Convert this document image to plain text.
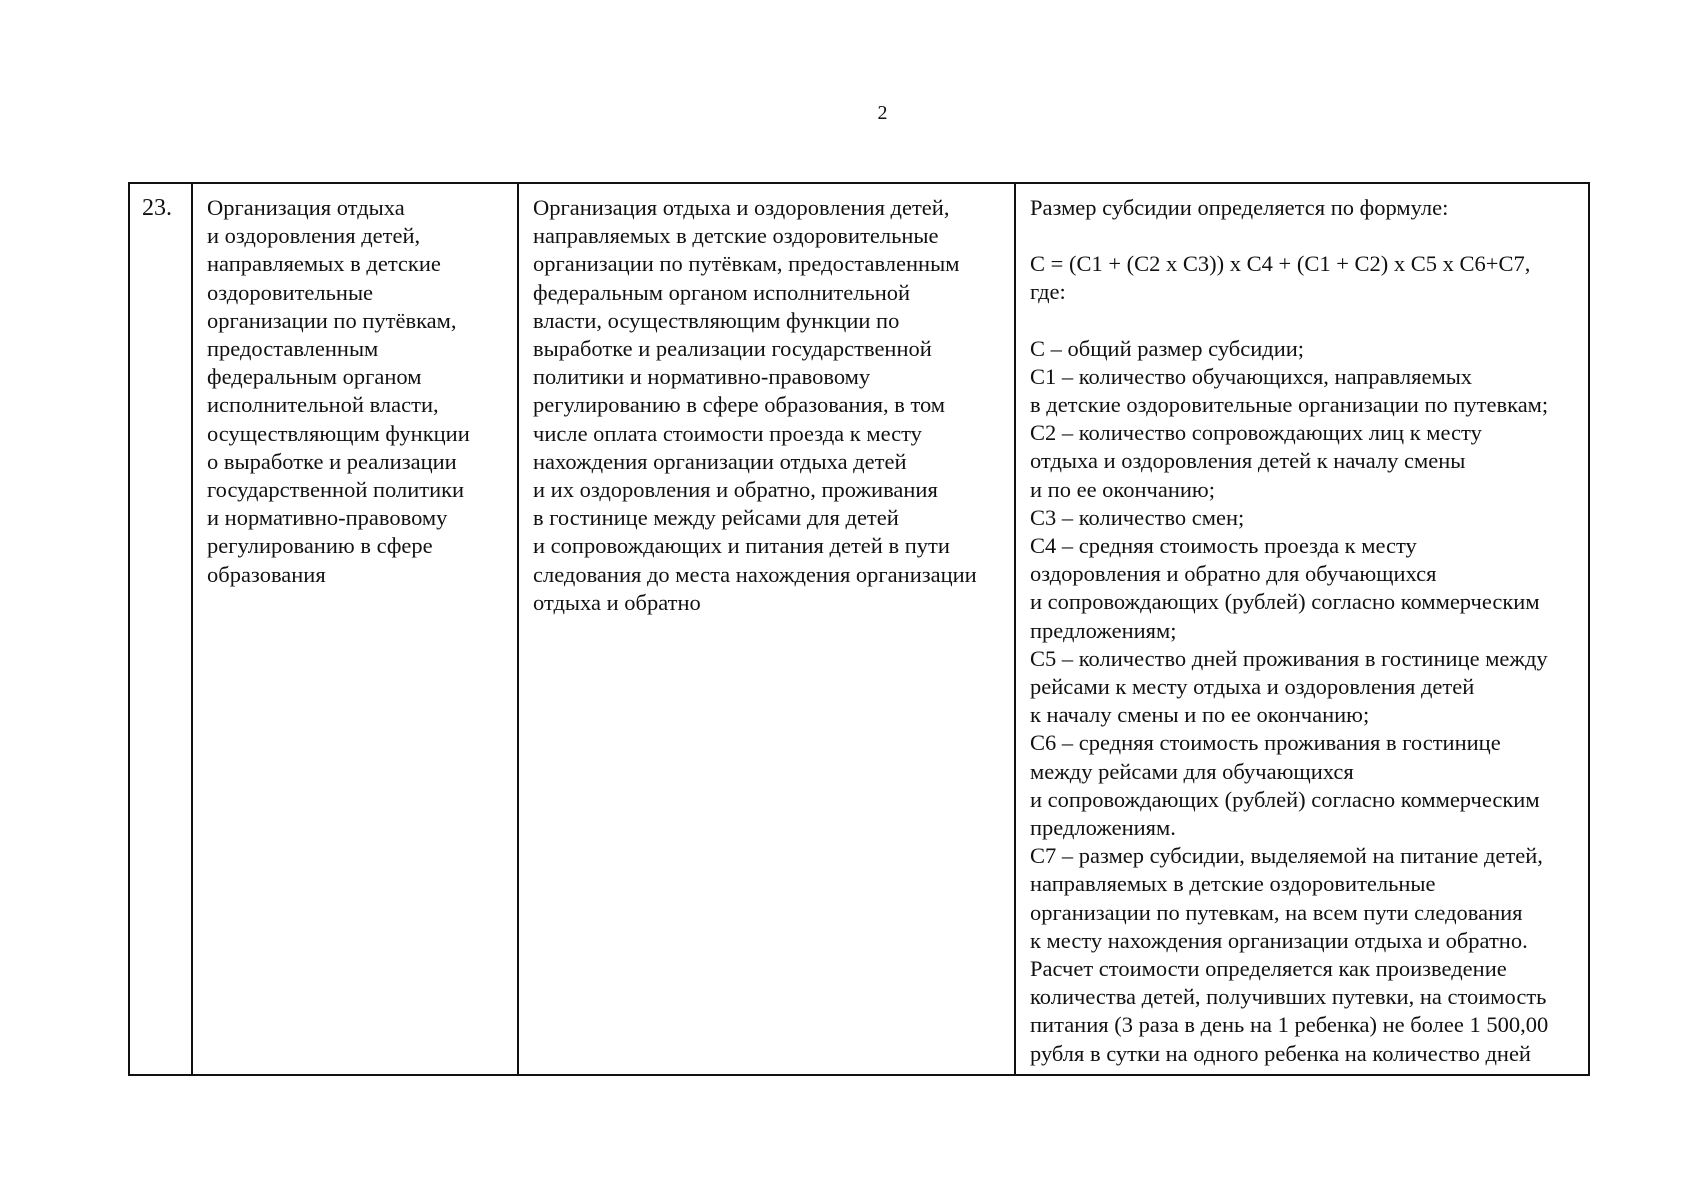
2
23.	Организация отдыха
и оздоровления детей,
направляемых в детские
оздоровительные
организации по путёвкам,
предоставленным
федеральным органом
исполнительной власти,
осуществляющим функции
о выработке и реализации
государственной политики
и нормативно-правовому
регулированию в сфере
образования

Организация отдыха и оздоровления детей,
направляемых в детские оздоровительные
организации по путёвкам, предоставленным
федеральным органом исполнительной
власти, осуществляющим функции по
выработке и реализации государственной
политики и нормативно-правовому
регулированию в сфере образования, в том
числе оплата стоимости проезда к месту
нахождения организации отдыха детей
и их оздоровления и обратно, проживания
в гостинице между рейсами для детей
и сопровождающих и питания детей в пути
следования до места нахождения организации
отдыха и обратно

Размер субсидии определяется по формуле:

С = (С1 + (С2 х С3)) х С4 + (С1 + С2) х С5 х С6+С7,
где:
С – общий размер субсидии;
С1 – количество обучающихся, направляемых
в детские оздоровительные организации по путевкам;
С2 – количество сопровождающих лиц к месту
отдыха и оздоровления детей к началу смены
и по ее окончанию;
С3 – количество смен;
С4 – средняя стоимость проезда к месту
оздоровления и обратно для обучающихся
и сопровождающих (рублей) согласно коммерческим
предложениям;
С5 – количество дней проживания в гостинице между
рейсами к месту отдыха и оздоровления детей
к началу смены и по ее окончанию;
С6 – средняя стоимость проживания в гостинице
между рейсами для обучающихся
и сопровождающих (рублей) согласно коммерческим
предложениям.
С7 – размер субсидии, выделяемой на питание детей,
направляемых в детские оздоровительные
организации по путевкам, на всем пути следования
к месту нахождения организации отдыха и обратно.
Расчет стоимости определяется как произведение
количества детей, получивших путевки, на стоимость
питания (3 раза в день на 1 ребенка) не более 1 500,00
рубля в сутки на одного ребенка на количество дней
